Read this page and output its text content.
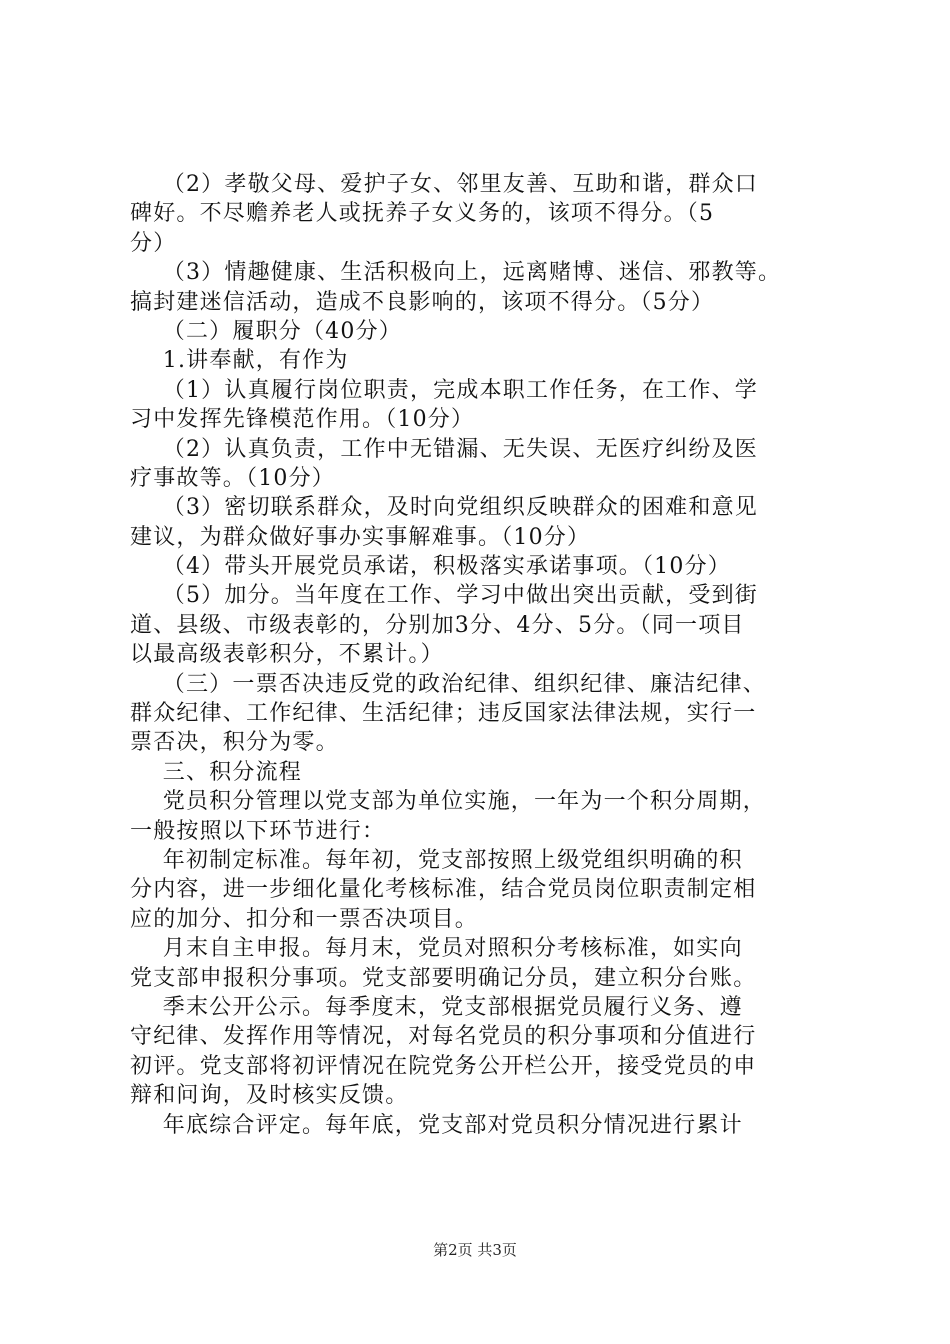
（2）孝敬父母、爱护子女、邻里友善、互助和谐，群众口
碑好。不尽赡养老人或抚养子女义务的，该项不得分。（5
分）
（3）情趣健康、生活积极向上，远离赌博、迷信、邪教等。
搞封建迷信活动，造成不良影响的，该项不得分。（5分）
（二）履职分（40分）
1.讲奉献，有作为
（1）认真履行岗位职责，完成本职工作任务，在工作、学
习中发挥先锋模范作用。（10分）
（2）认真负责，工作中无错漏、无失误、无医疗纠纷及医
疗事故等。（10分）
（3）密切联系群众，及时向党组织反映群众的困难和意见
建议，为群众做好事办实事解难事。（10分）
（4）带头开展党员承诺，积极落实承诺事项。（10分）
（5）加分。当年度在工作、学习中做出突出贡献，受到街
道、县级、市级表彰的，分别加3分、4分、5分。（同一项目
以最高级表彰积分，不累计。）
（三）一票否决违反党的政治纪律、组织纪律、廉洁纪律、
群众纪律、工作纪律、生活纪律；违反国家法律法规，实行一
票否决，积分为零。
三、积分流程
党员积分管理以党支部为单位实施，一年为一个积分周期，
一般按照以下环节进行：
年初制定标准。每年初，党支部按照上级党组织明确的积
分内容，进一步细化量化考核标准，结合党员岗位职责制定相
应的加分、扣分和一票否决项目。
月末自主申报。每月末，党员对照积分考核标准，如实向
党支部申报积分事项。党支部要明确记分员，建立积分台账。
季末公开公示。每季度末，党支部根据党员履行义务、遵
守纪律、发挥作用等情况，对每名党员的积分事项和分值进行
初评。党支部将初评情况在院党务公开栏公开，接受党员的申
辩和问询，及时核实反馈。
年底综合评定。每年底，党支部对党员积分情况进行累计
第2页 共3页
